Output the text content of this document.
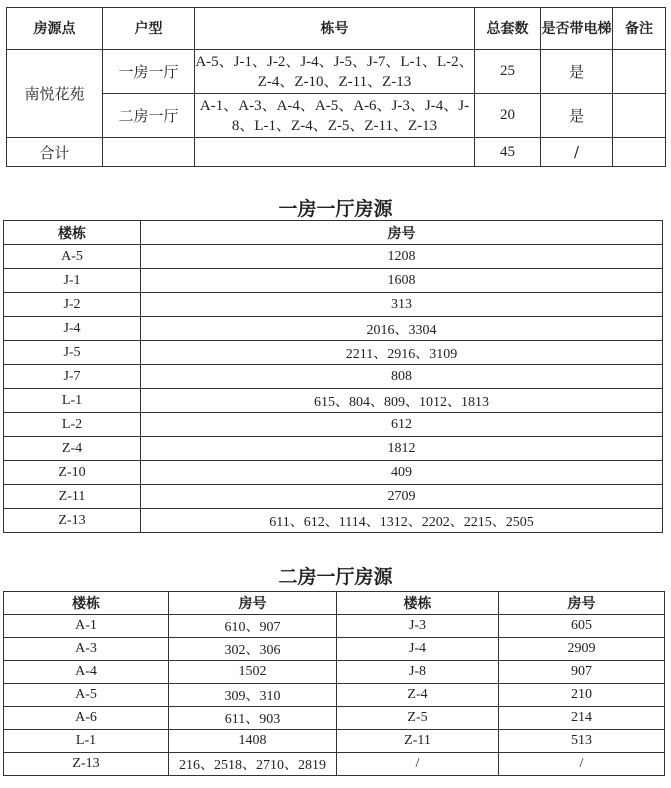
房源点	户型	栋号	总套数	是否带电梯	备注
南悦花苑	一房一厅	A-5、J-1、J-2、J-4、J-5、J-7、L-1、L-2、Z-4、Z-10、Z-11、Z-13	25	是	
	二房一厅	A-1、A-3、A-4、A-5、A-6、J-3、J-4、J-8、L-1、Z-4、Z-5、Z-11、Z-13	20	是	
合计			45	/	
一房一厅房源
楼栋	房号
A-5	1208
J-1	1608
J-2	313
J-4	2016、3304
J-5	2211、2916、3109
J-7	808
L-1	615、804、809、1012、1813
L-2	612
Z-4	1812
Z-10	409
Z-11	2709
Z-13	611、612、1114、1312、2202、2215、2505
二房一厅房源
楼栋	房号	楼栋	房号
A-1	610、907	J-3	605
A-3	302、306	J-4	2909
A-4	1502	J-8	907
A-5	309、310	Z-4	210
A-6	611、903	Z-5	214
L-1	1408	Z-11	513
Z-13	216、2518、2710、2819	/	/
